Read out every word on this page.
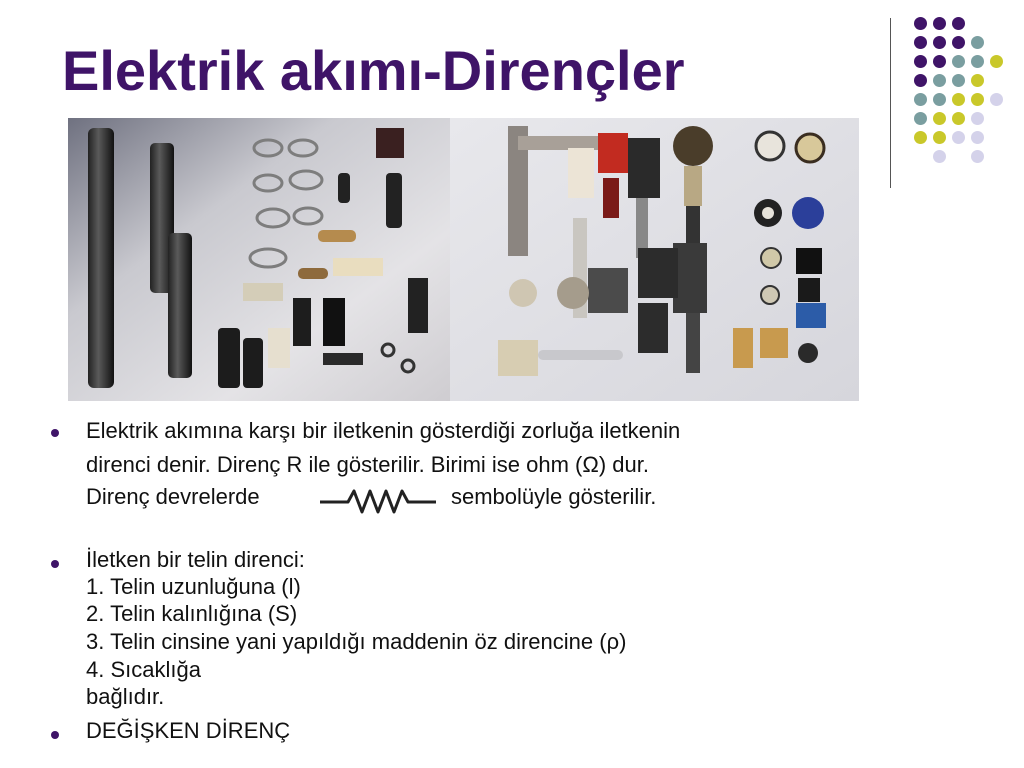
Elektrik akımı-Dirençler
Elektrik akımına karşı bir iletkenin gösterdiği zorluğa iletkenin
direnci denir. Direnç R ile gösterilir. Birimi ise ohm (Ω) dur.
Direnç devrelerde	sembolüyle gösterilir.
İletken bir telin direnci:
1. Telin uzunluğuna (l)
2. Telin kalınlığına (S)
3. Telin cinsine yani yapıldığı maddenin öz direncine (ρ)
4. Sıcaklığa
bağlıdır.
DEĞİŞKEN DİRENÇ
